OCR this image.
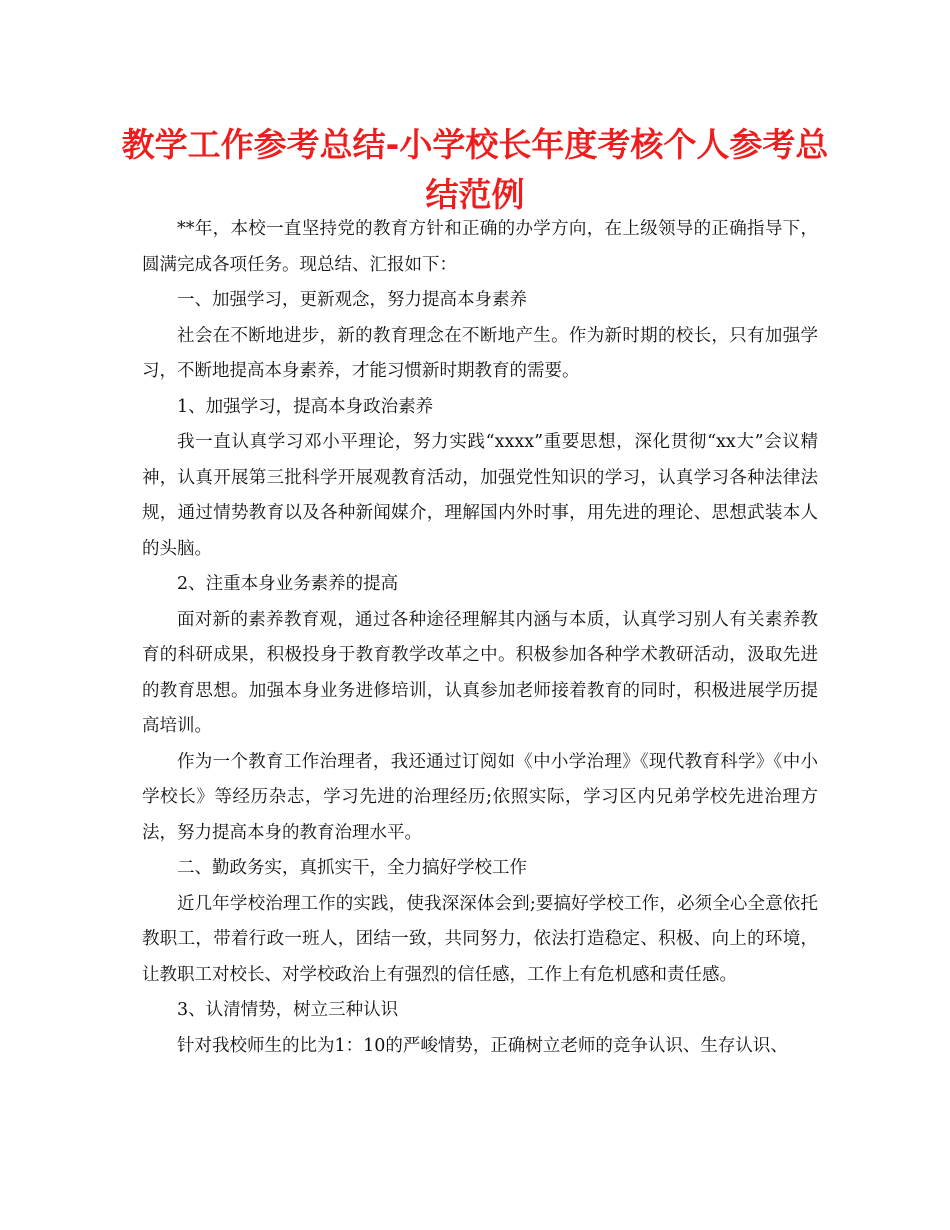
教学工作参考总结-小学校长年度考核个人参考总结范例

**年，本校一直坚持党的教育方针和正确的办学方向，在上级领导的正确指导下，圆满完成各项任务。现总结、汇报如下：

一、加强学习，更新观念，努力提高本身素养

社会在不断地进步，新的教育理念在不断地产生。作为新时期的校长，只有加强学习，不断地提高本身素养，才能习惯新时期教育的需要。

1、加强学习，提高本身政治素养

我一直认真学习邓小平理论，努力实践“xxxx”重要思想，深化贯彻“xx大”会议精神，认真开展第三批科学开展观教育活动，加强党性知识的学习，认真学习各种法律法规，通过情势教育以及各种新闻媒介，理解国内外时事，用先进的理论、思想武装本人的头脑。

2、注重本身业务素养的提高

面对新的素养教育观，通过各种途径理解其内涵与本质，认真学习别人有关素养教育的科研成果，积极投身于教育教学改革之中。积极参加各种学术教研活动，汲取先进的教育思想。加强本身业务进修培训，认真参加老师接着教育的同时，积极进展学历提高培训。

作为一个教育工作治理者，我还通过订阅如《中小学治理》《现代教育科学》《中小学校长》等经历杂志，学习先进的治理经历;依照实际，学习区内兄弟学校先进治理方法，努力提高本身的教育治理水平。

二、勤政务实，真抓实干，全力搞好学校工作

近几年学校治理工作的实践，使我深深体会到;要搞好学校工作，必须全心全意依托教职工，带着行政一班人，团结一致，共同努力，依法打造稳定、积极、向上的环境，让教职工对校长、对学校政治上有强烈的信任感，工作上有危机感和责任感。

3、认清情势，树立三种认识

针对我校师生的比为1：10的严峻情势，正确树立老师的竞争认识、生存认识、
